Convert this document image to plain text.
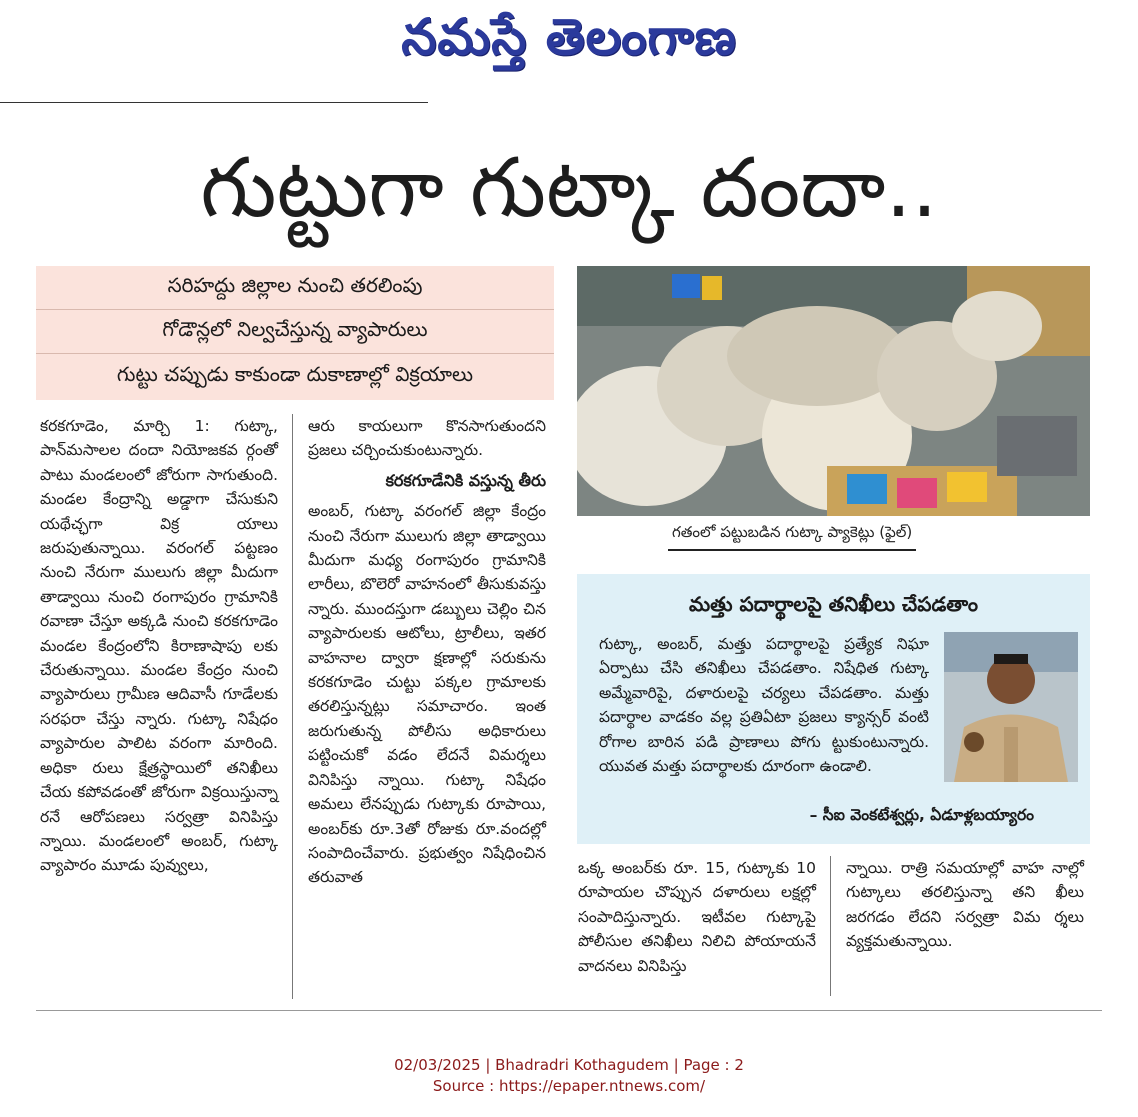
నమస్తే తెలంగాణ
గుట్టుగా గుట్కా దందా..
సరిహద్దు జిల్లాల నుంచి తరలింపు
గోడౌన్లలో నిల్వచేస్తున్న వ్యాపారులు
గుట్టు చప్పుడు కాకుండా దుకాణాల్లో విక్రయాలు
గతంలో పట్టుబడిన గుట్కా ప్యాకెట్లు (ఫైల్)

కరకగూడెం, మార్చి 1: గుట్కా, పాన్‌మసాలల దందా నియోజకవ ర్గంతో పాటు మండలంలో జోరుగా సాగుతుంది. మండల కేంద్రాన్ని అడ్డాగా చేసుకుని యథేచ్ఛగా విక్ర యాలు జరుపుతున్నాయి. వరంగల్ పట్టణం నుంచి నేరుగా ములుగు జిల్లా మీదుగా తాడ్వాయి నుంచి రంగాపురం గ్రామానికి రవాణా చేస్తూ అక్కడి నుంచి కరకగూడెం మండల కేంద్రంలోని కిరాణాషాపు లకు చేరుతున్నాయి. మండల కేంద్రం నుంచి వ్యాపారులు గ్రామీణ ఆదివాసీ గూడేలకు సరఫరా చేస్తు న్నారు. గుట్కా నిషేధం వ్యాపారుల పాలిట వరంగా మారింది. అధికా రులు క్షేత్రస్థాయిలో తనిఖీలు చేయ కపోవడంతో జోరుగా విక్రయిస్తున్నా రనే ఆరోపణలు సర్వత్రా వినిపిస్తు న్నాయి. మండలంలో అంబర్, గుట్కా వ్యాపారం మూడు పువ్వులు,

ఆరు కాయలుగా కొనసాగుతుందని ప్రజలు చర్చించుకుంటున్నారు.

కరకగూడేనికి వస్తున్న తీరు

అంబర్, గుట్కా వరంగల్ జిల్లా కేంద్రం నుంచి నేరుగా ములుగు జిల్లా తాడ్వాయి మీదుగా మధ్య రంగాపురం గ్రామానికి లారీలు, బొలెరో వాహనంలో తీసుకువస్తు న్నారు. ముందస్తుగా డబ్బులు చెల్లిం చిన వ్యాపారులకు ఆటోలు, ట్రాలీలు, ఇతర వాహనాల ద్వారా క్షణాల్లో సరుకును కరకగూడెం చుట్టు పక్కల గ్రామాలకు తరలిస్తున్నట్లు సమాచారం. ఇంత జరుగుతున్న పోలీసు అధికారులు పట్టించుకో వడం లేదనే విమర్శలు వినిపిస్తు న్నాయి. గుట్కా నిషేధం అమలు లేనప్పుడు గుట్కాకు రూపాయి, అంబర్‌కు రూ.3తో రోజుకు రూ.వందల్లో సంపాదించేవారు. ప్రభుత్వం నిషేధించిన తరువాత

మత్తు పదార్థాలపై తనిఖీలు చేపడతాం
గుట్కా, అంబర్, మత్తు పదార్థాలపై ప్రత్యేక నిఘా ఏర్పాటు చేసి తనిఖీలు చేపడతాం. నిషేధిత గుట్కా అమ్మేవారిపై, దళారులపై చర్యలు చేపడతాం. మత్తు పదార్థాల వాడకం వల్ల ప్రతిఏటా ప్రజలు క్యాన్సర్ వంటి రోగాల బారిన పడి ప్రాణాలు పోగు ట్టుకుంటున్నారు. యువత మత్తు పదార్థాలకు దూరంగా ఉండాలి.
– సీఐ వెంకటేశ్వర్లు, ఏడూళ్లబయ్యారం

ఒక్క అంబర్‌కు రూ. 15, గుట్కాకు 10 రూపాయల చొప్పున దళారులు లక్షల్లో సంపాదిస్తున్నారు. ఇటీవల గుట్కాపై పోలీసుల తనిఖీలు నిలిచి పోయాయనే వాదనలు వినిపిస్తు

న్నాయి. రాత్రి సమయాల్లో వాహ నాల్లో గుట్కాలు తరలిస్తున్నా తని ఖీలు జరగడం లేదని సర్వత్రా విమ ర్శలు వ్యక్తమతున్నాయి.

02/03/2025 | Bhadradri Kothagudem | Page : 2
Source : https://epaper.ntnews.com/
